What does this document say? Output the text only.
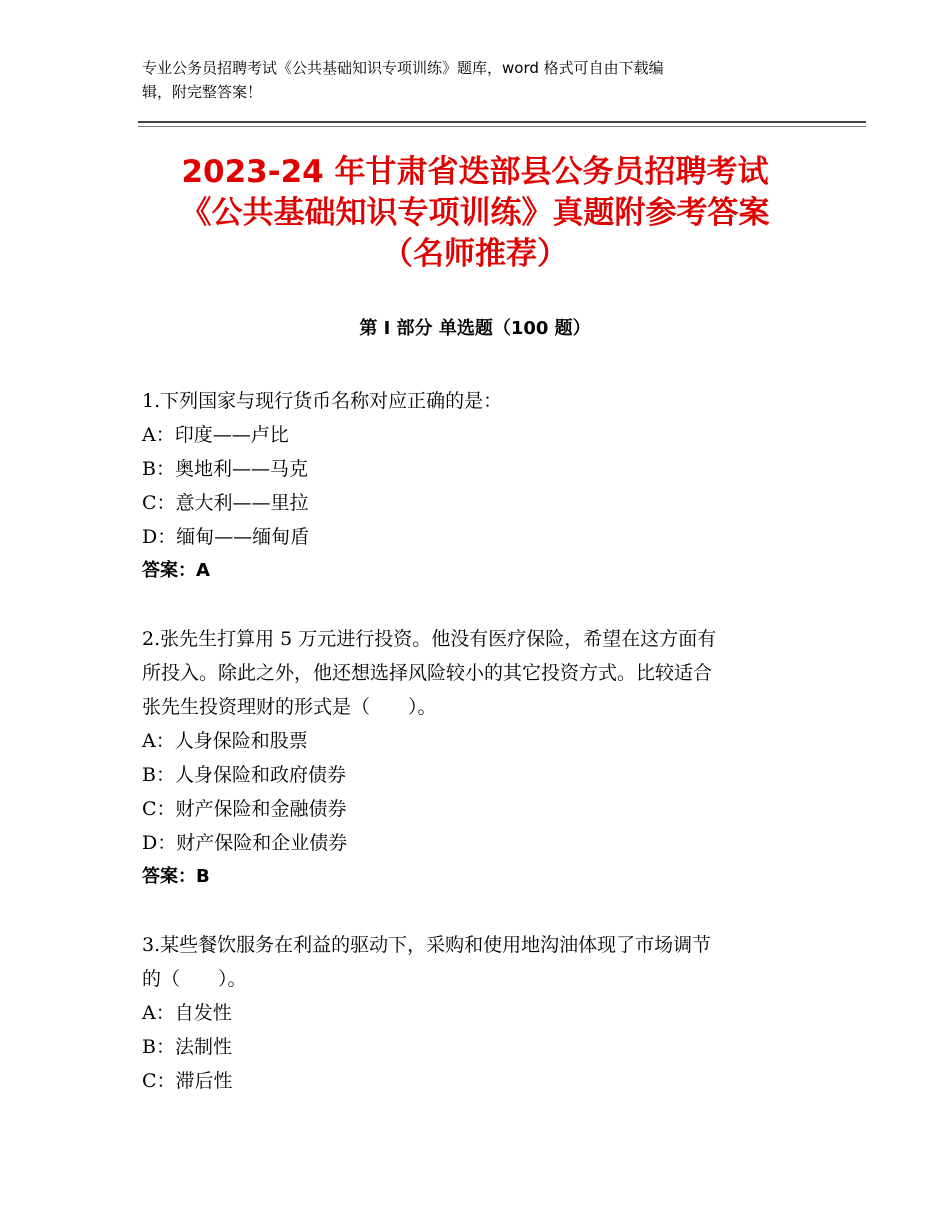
专业公务员招聘考试《公共基础知识专项训练》题库，word 格式可自由下载编
辑，附完整答案！
2023-24 年甘肃省迭部县公务员招聘考试
《公共基础知识专项训练》真题附参考答案
（名师推荐）
第 I 部分 单选题（100 题）
1.下列国家与现行货币名称对应正确的是：
A：印度——卢比
B：奥地利——马克
C：意大利——里拉
D：缅甸——缅甸盾
答案：A
2.张先生打算用 5 万元进行投资。他没有医疗保险，希望在这方面有
所投入。除此之外，他还想选择风险较小的其它投资方式。比较适合
张先生投资理财的形式是（　　）。
A：人身保险和股票
B：人身保险和政府债券
C：财产保险和金融债券
D：财产保险和企业债券
答案：B
3.某些餐饮服务在利益的驱动下，采购和使用地沟油体现了市场调节
的（　　）。
A：自发性
B：法制性
C：滞后性
